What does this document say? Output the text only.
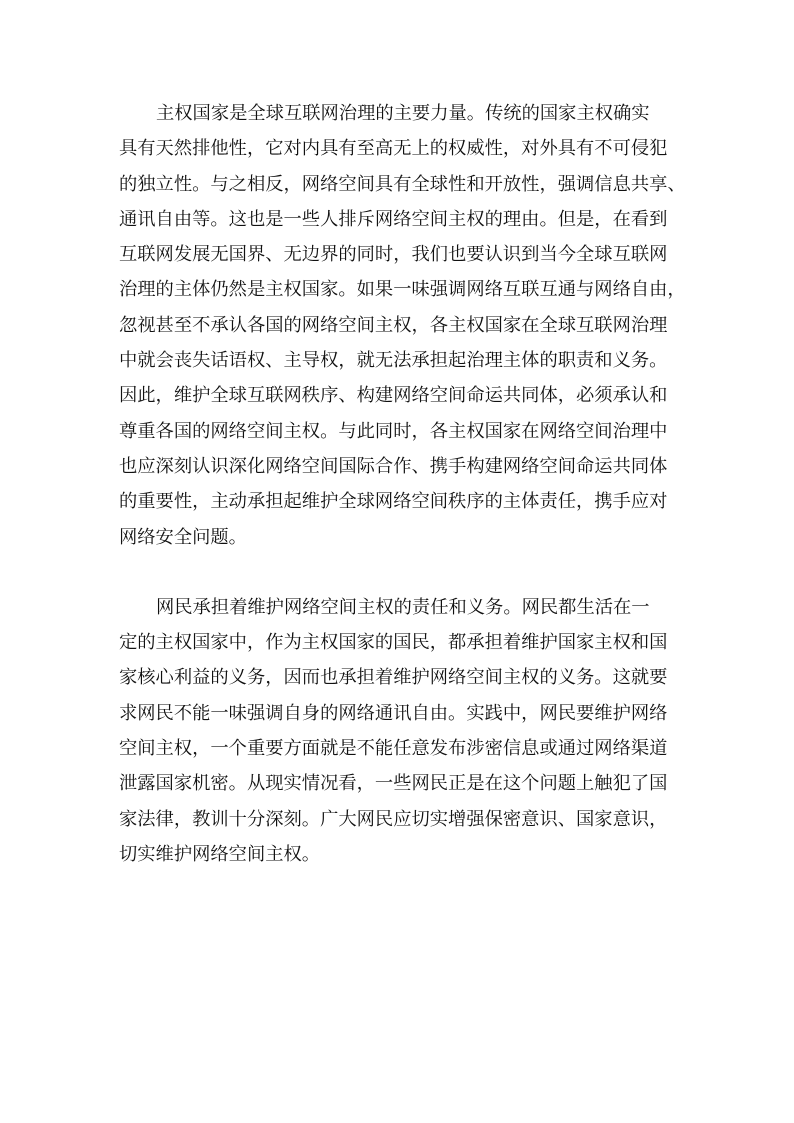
主权国家是全球互联网治理的主要力量。传统的国家主权确实
具有天然排他性，它对内具有至高无上的权威性，对外具有不可侵犯
的独立性。与之相反，网络空间具有全球性和开放性，强调信息共享、
通讯自由等。这也是一些人排斥网络空间主权的理由。但是，在看到
互联网发展无国界、无边界的同时，我们也要认识到当今全球互联网
治理的主体仍然是主权国家。如果一味强调网络互联互通与网络自由，
忽视甚至不承认各国的网络空间主权，各主权国家在全球互联网治理
中就会丧失话语权、主导权，就无法承担起治理主体的职责和义务。
因此，维护全球互联网秩序、构建网络空间命运共同体，必须承认和
尊重各国的网络空间主权。与此同时，各主权国家在网络空间治理中
也应深刻认识深化网络空间国际合作、携手构建网络空间命运共同体
的重要性，主动承担起维护全球网络空间秩序的主体责任，携手应对
网络安全问题。
网民承担着维护网络空间主权的责任和义务。网民都生活在一
定的主权国家中，作为主权国家的国民，都承担着维护国家主权和国
家核心利益的义务，因而也承担着维护网络空间主权的义务。这就要
求网民不能一味强调自身的网络通讯自由。实践中，网民要维护网络
空间主权，一个重要方面就是不能任意发布涉密信息或通过网络渠道
泄露国家机密。从现实情况看，一些网民正是在这个问题上触犯了国
家法律，教训十分深刻。广大网民应切实增强保密意识、国家意识，
切实维护网络空间主权。
